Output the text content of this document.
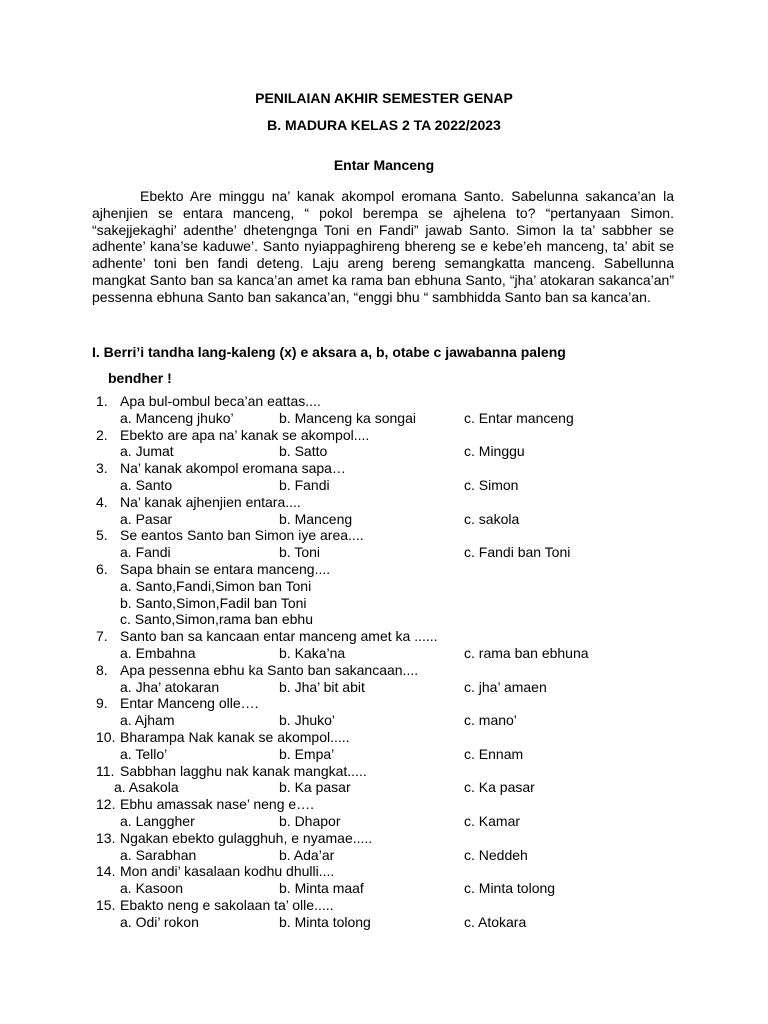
PENILAIAN AKHIR SEMESTER GENAP
B. MADURA KELAS 2 TA 2022/2023
Entar Manceng
Ebekto Are minggu na’ kanak akompol eromana Santo. Sabelunna sakanca’an la ajhenjien se entara manceng, “ pokol berempa se ajhelena to? “pertanyaan Simon. “sakejjekaghi’ adenthe’ dhetengnga Toni en Fandi” jawab Santo. Simon la ta’ sabbher se adhente’ kana’se kaduwe’. Santo nyiappaghireng bhereng se e kebe’eh manceng, ta’ abit se adhente’ toni ben fandi deteng. Laju areng bereng semangkatta manceng. Sabellunna mangkat Santo ban sa kanca’an amet ka rama ban ebhuna Santo, “jha’ atokaran sakanca’an” pessenna ebhuna Santo ban sakanca’an, “enggi bhu “ sambhidda Santo ban sa kanca’an.
I. Berri’i tandha lang-kaleng (x) e aksara a, b, otabe c jawabanna paleng
bendher !
1. Apa bul-ombul beca’an eattas....
a. Manceng jhuko’	b. Manceng ka songai	c. Entar manceng
2. Ebekto are apa na’ kanak se akompol....
a. Jumat	b. Satto	c. Minggu
3. Na’ kanak akompol eromana sapa…
a. Santo	b. Fandi	c. Simon
4. Na’ kanak ajhenjien entara....
a. Pasar	b. Manceng	c. sakola
5. Se eantos Santo ban Simon iye area....
a. Fandi	b. Toni	c. Fandi ban Toni
6. Sapa bhain se entara manceng....
a. Santo,Fandi,Simon ban Toni
b. Santo,Simon,Fadil ban Toni
c. Santo,Simon,rama ban ebhu
7. Santo ban sa kancaan entar manceng amet ka ......
a. Embahna	b. Kaka’na	c. rama ban ebhuna
8. Apa pessenna ebhu ka Santo ban sakancaan....
a. Jha’ atokaran	b. Jha’ bit abit	c. jha’ amaen
9. Entar Manceng olle….
a. Ajham	b. Jhuko’	c. mano’
10. Bharampa Nak kanak se akompol.....
a. Tello’	b. Empa’	c. Ennam
11. Sabbhan lagghu nak kanak mangkat.....
a. Asakola	b. Ka pasar	c. Ka pasar
12. Ebhu amassak nase’ neng e….
a. Langgher	b. Dhapor	c. Kamar
13. Ngakan ebekto gulagghuh, e nyamae.....
a. Sarabhan	b. Ada’ar	c. Neddeh
14. Mon andi’ kasalaan kodhu dhulli....
a. Kasoon	b. Minta maaf	c. Minta tolong
15. Ebakto neng e sakolaan ta’ olle.....
a. Odi’ rokon	b. Minta tolong	c. Atokara
